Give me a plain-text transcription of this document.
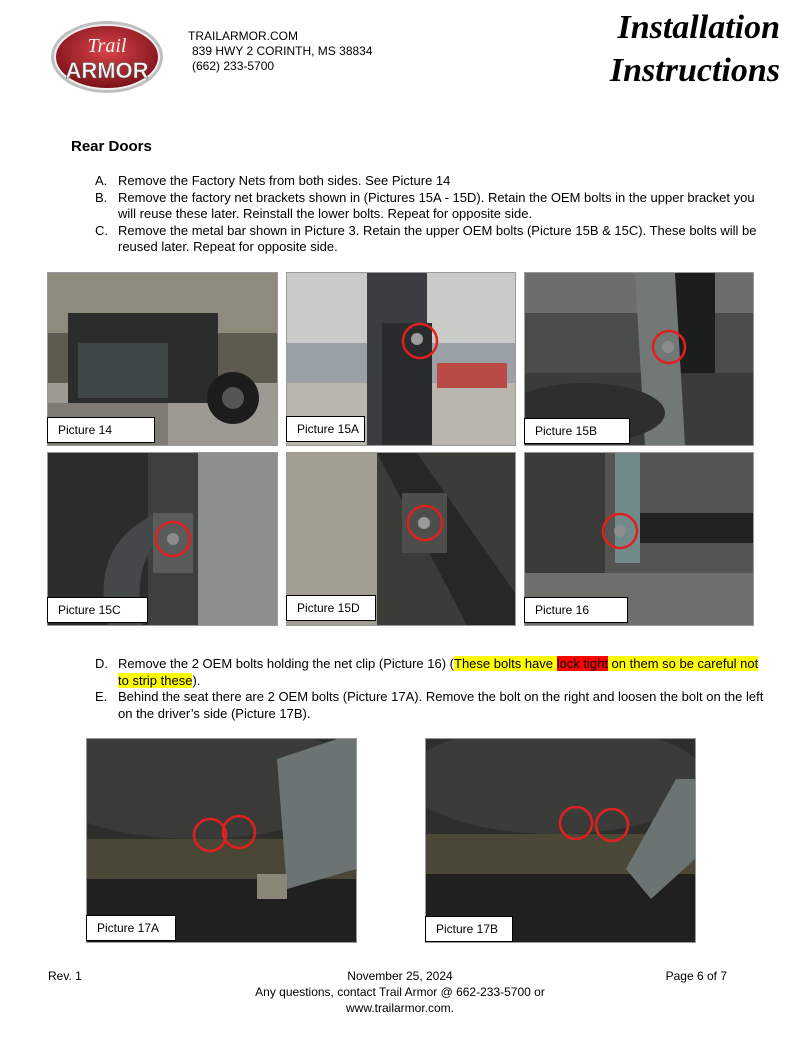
Trail
ARMOR
TRAILARMOR.COM
839 HWY 2 CORINTH, MS 38834
(662) 233-5700
Installation
Instructions
Rear Doors
A. Remove the Factory Nets from both sides. See Picture 14
B. Remove the factory net brackets shown in (Pictures 15A - 15D). Retain the OEM bolts in the upper bracket you will reuse these later. Reinstall the lower bolts. Repeat for opposite side.
C. Remove the metal bar shown in Picture 3. Retain the upper OEM bolts (Picture 15B & 15C). These bolts will be reused later. Repeat for opposite side.
Picture 14	Picture 15A	Picture 15B
Picture 15C	Picture 15D	Picture 16
D. Remove the 2 OEM bolts holding the net clip (Picture 16) (These bolts have lock tight on them so be careful not to strip these).
E. Behind the seat there are 2 OEM bolts (Picture 17A). Remove the bolt on the right and loosen the bolt on the left on the driver’s side (Picture 17B).
Picture 17A	Picture 17B
Rev. 1	November 25, 2024
Any questions, contact Trail Armor @ 662-233-5700 or
www.trailarmor.com.
Page 6 of 7
